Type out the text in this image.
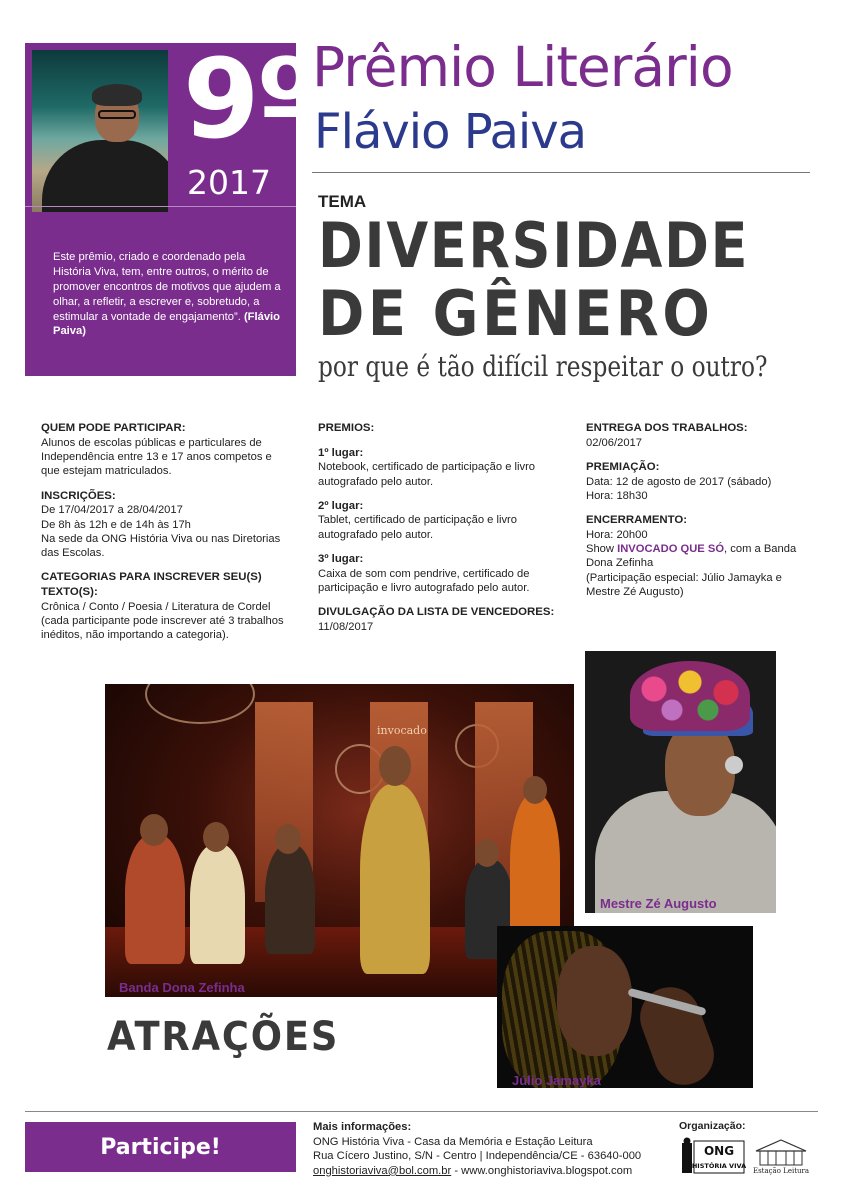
9º
2017
Este prêmio, criado e coordenado pela História Viva, tem, entre outros, o mérito de promover encontros de motivos que ajudem a olhar, a refletir, a escrever e, sobretudo, a estimular a vontade de engajamento”. (Flávio Paiva)
Prêmio Literário
Flávio Paiva
TEMA
DIVERSIDADE
DE GÊNERO
por que é tão difícil respeitar o outro?
QUEM PODE PARTICIPAR:

Alunos de escolas públicas e particulares de Independência entre 13 e 17 anos competos e que estejam matriculados.

INSCRIÇÕES:

De 17/04/2017 a 28/04/2017

De 8h às 12h e de 14h às 17h

Na sede da ONG História Viva ou nas Diretorias das Escolas.

CATEGORIAS PARA INSCREVER SEU(S) TEXTO(S):

Crônica / Conto / Poesia / Literatura de Cordel

(cada participante pode inscrever até 3 trabalhos inéditos, não importando a categoria).

PREMIOS:
1º lugar:

Notebook, certificado de participação e livro autografado pelo autor.

2º lugar:

Tablet, certificado de participação e livro autografado pelo autor.

3º lugar:

Caixa de som com pendrive, certificado de participação e livro autografado pelo autor.

DIVULGAÇÃO DA LISTA DE VENCEDORES:

11/08/2017

ENTREGA DOS TRABALHOS:

02/06/2017

PREMIAÇÃO:

Data: 12 de agosto de 2017 (sábado)

Hora: 18h30

ENCERRAMENTO:

Hora: 20h00

Show INVOCADO QUE SÓ, com a Banda Dona Zefinha

(Participação especial: Júlio Jamayka e Mestre Zé Augusto)

invocado
Banda Dona Zefinha
Mestre Zé Augusto
Júlio Jamayka
ATRAÇÕES
Participe!
Mais informações:
ONG História Viva - Casa da Memória e Estação Leitura
Rua Cícero Justino, S/N - Centro | Independência/CE - 63640-000
onghistoriaviva@bol.com.br - www.onghistoriaviva.blogspot.com
Organização:
ONG
HISTÓRIA VIVA
Estação Leitura
